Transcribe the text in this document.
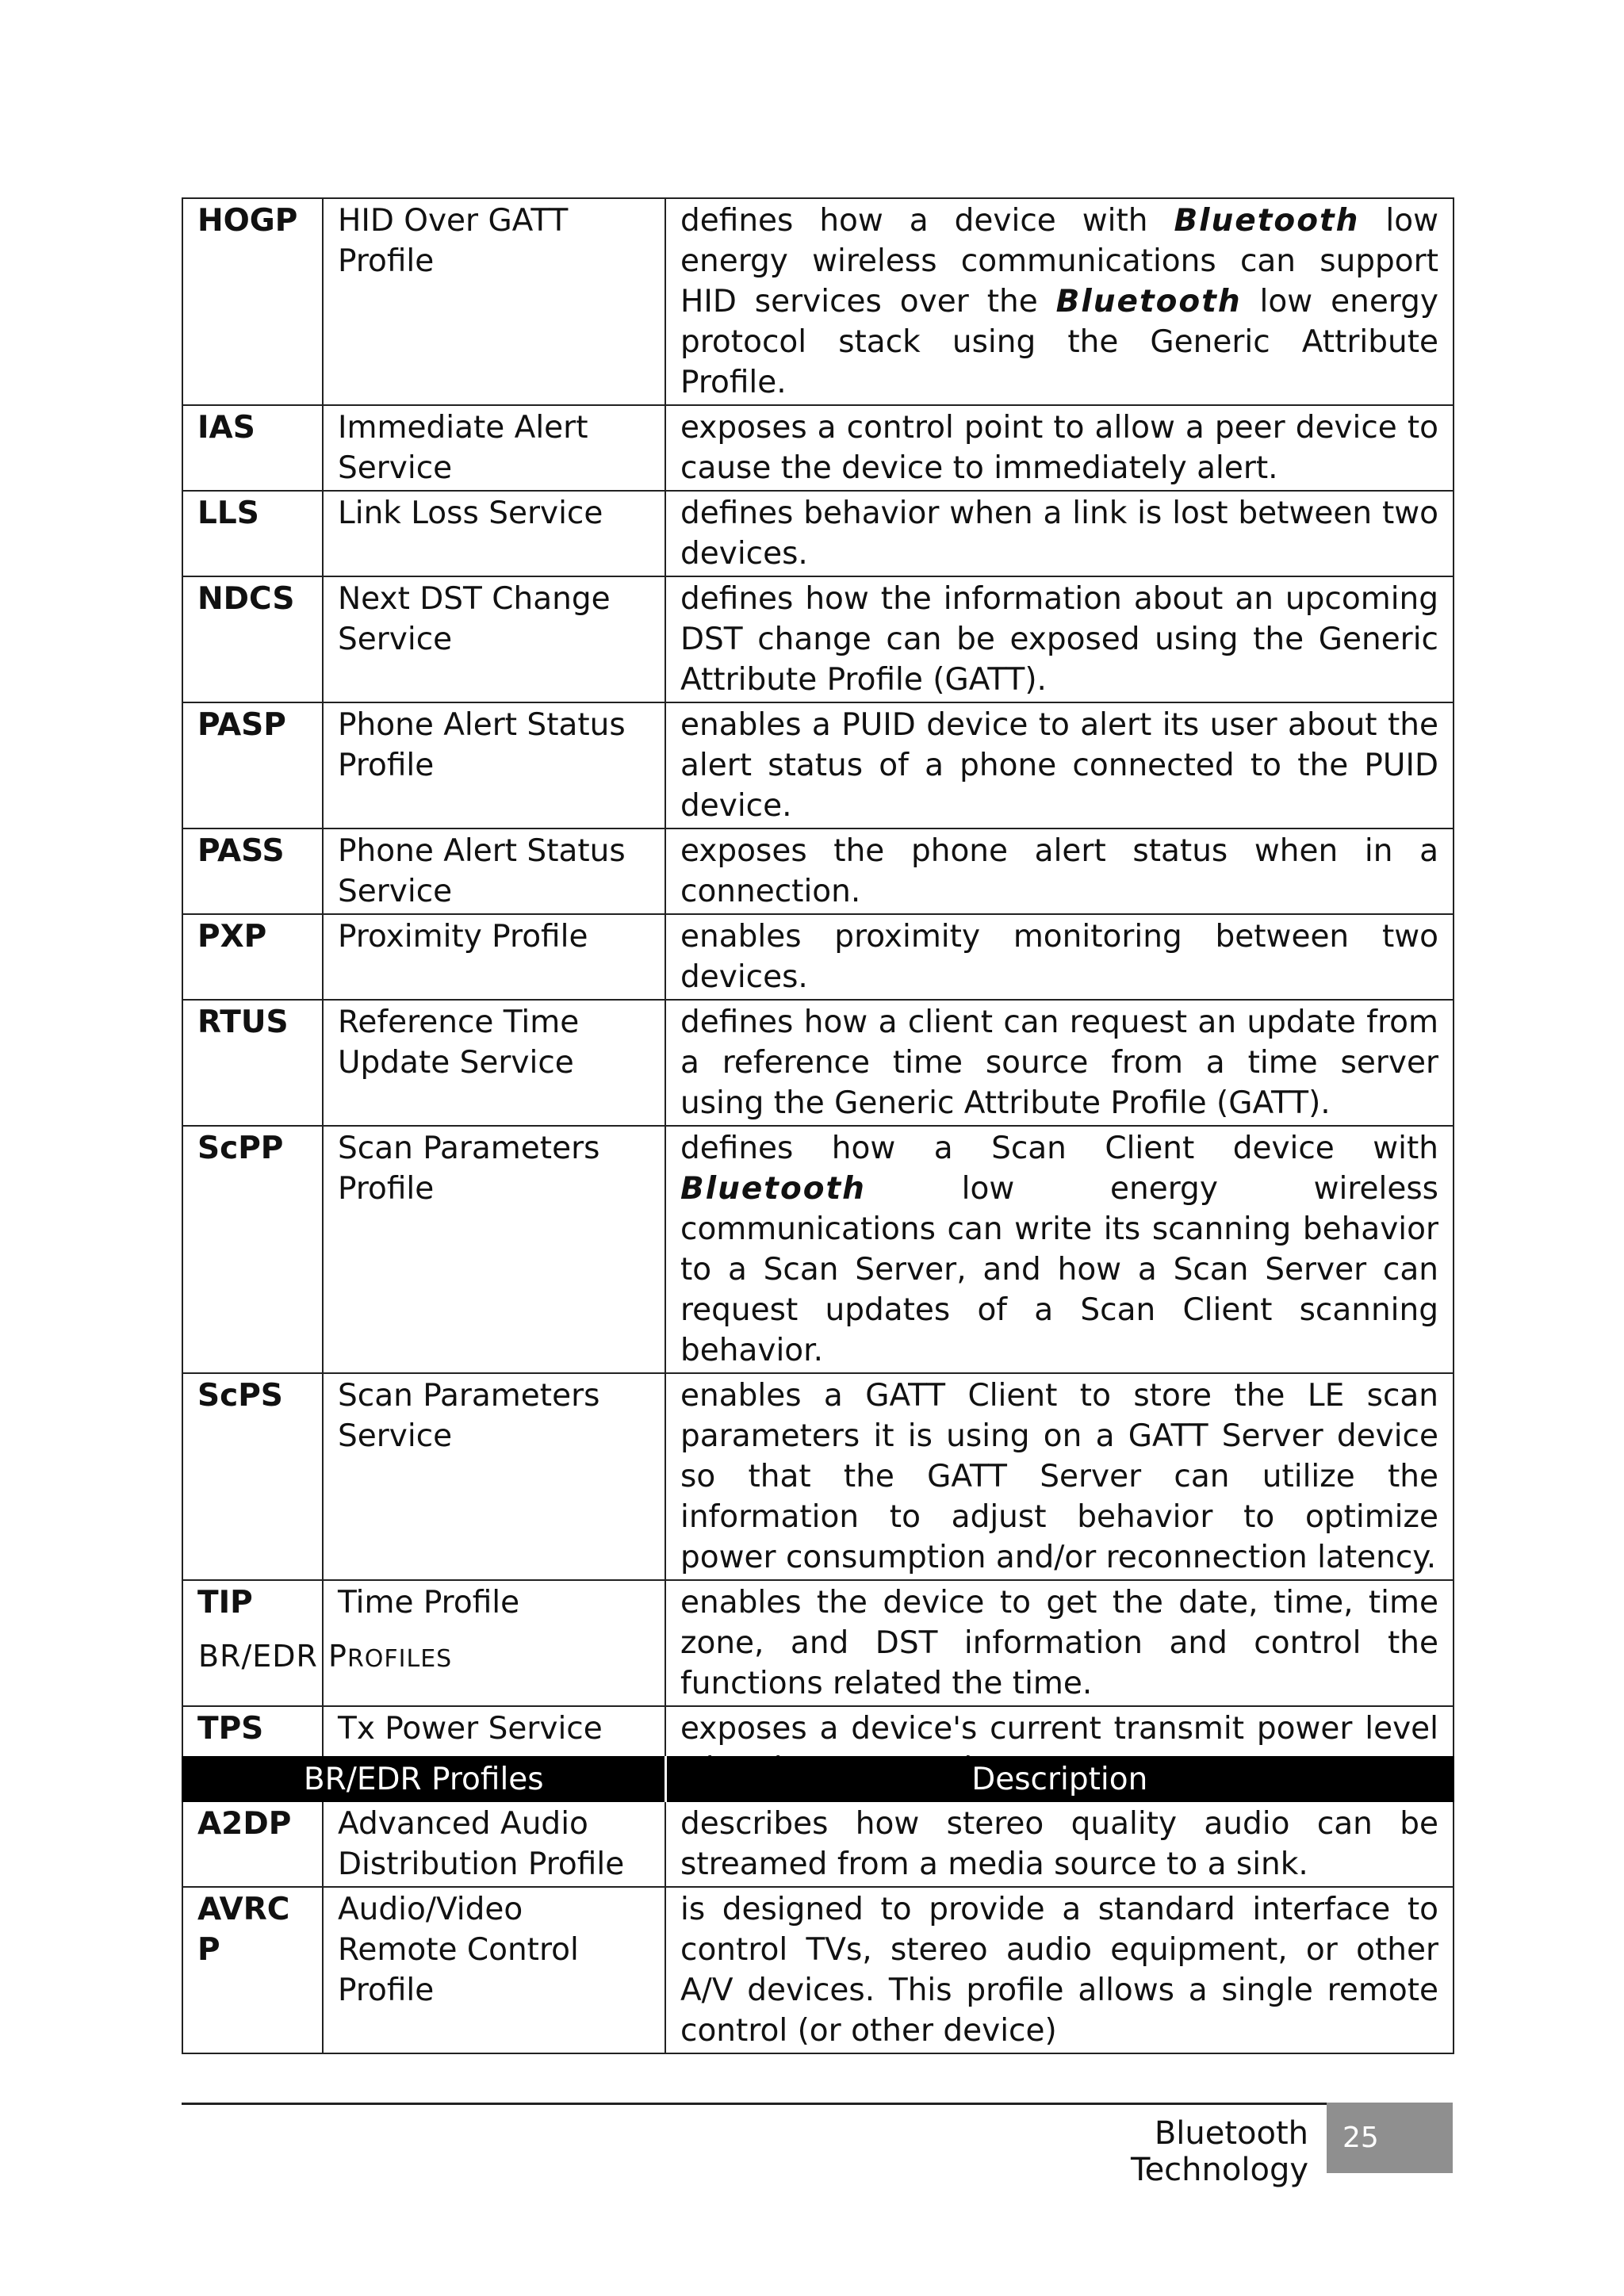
HOGP	HID Over GATT Profile	defines how a device with Bluetooth low energy wireless communications can support HID services over the Bluetooth low energy protocol stack using the Generic Attribute Profile.
IAS	Immediate Alert Service	exposes a control point to allow a peer device to cause the device to immediately alert.
LLS	Link Loss Service	defines behavior when a link is lost between two devices.
NDCS	Next DST Change Service	defines how the information about an upcoming DST change can be exposed using the Generic Attribute Profile (GATT).
PASP	Phone Alert Status Profile	enables a PUID device to alert its user about the alert status of a phone connected to the PUID device.
PASS	Phone Alert Status Service	exposes the phone alert status when in a connection.
PXP	Proximity Profile	enables proximity monitoring between two devices.
RTUS	Reference Time Update Service	defines how a client can request an update from a reference time source from a time server using the Generic Attribute Profile (GATT).
ScPP	Scan Parameters Profile	defines how a Scan Client device with Bluetooth low energy wireless communications can write its scanning behavior to a Scan Server, and how a Scan Server can request updates of a Scan Client scanning behavior.
ScPS	Scan Parameters Service	enables a GATT Client to store the LE scan parameters it is using on a GATT Server device so that the GATT Server can utilize the information to adjust behavior to optimize power consumption and/or reconnection latency.
TIP	Time Profile	enables the device to get the date, time, time zone, and DST information and control the functions related the time.
TPS	Tx Power Service	exposes a device's current transmit power level
BR/EDR PROFILES
BR/EDR Profiles		Description
A2DP	Advanced Audio Distribution Profile	describes how stereo quality audio can be streamed from a media source to a sink.
AVRCP	Audio/Video Remote Control Profile	is designed to provide a standard interface to control TVs, stereo audio equipment, or other A/V devices. This profile allows a single remote control (or other device)
Bluetooth Technology
25
